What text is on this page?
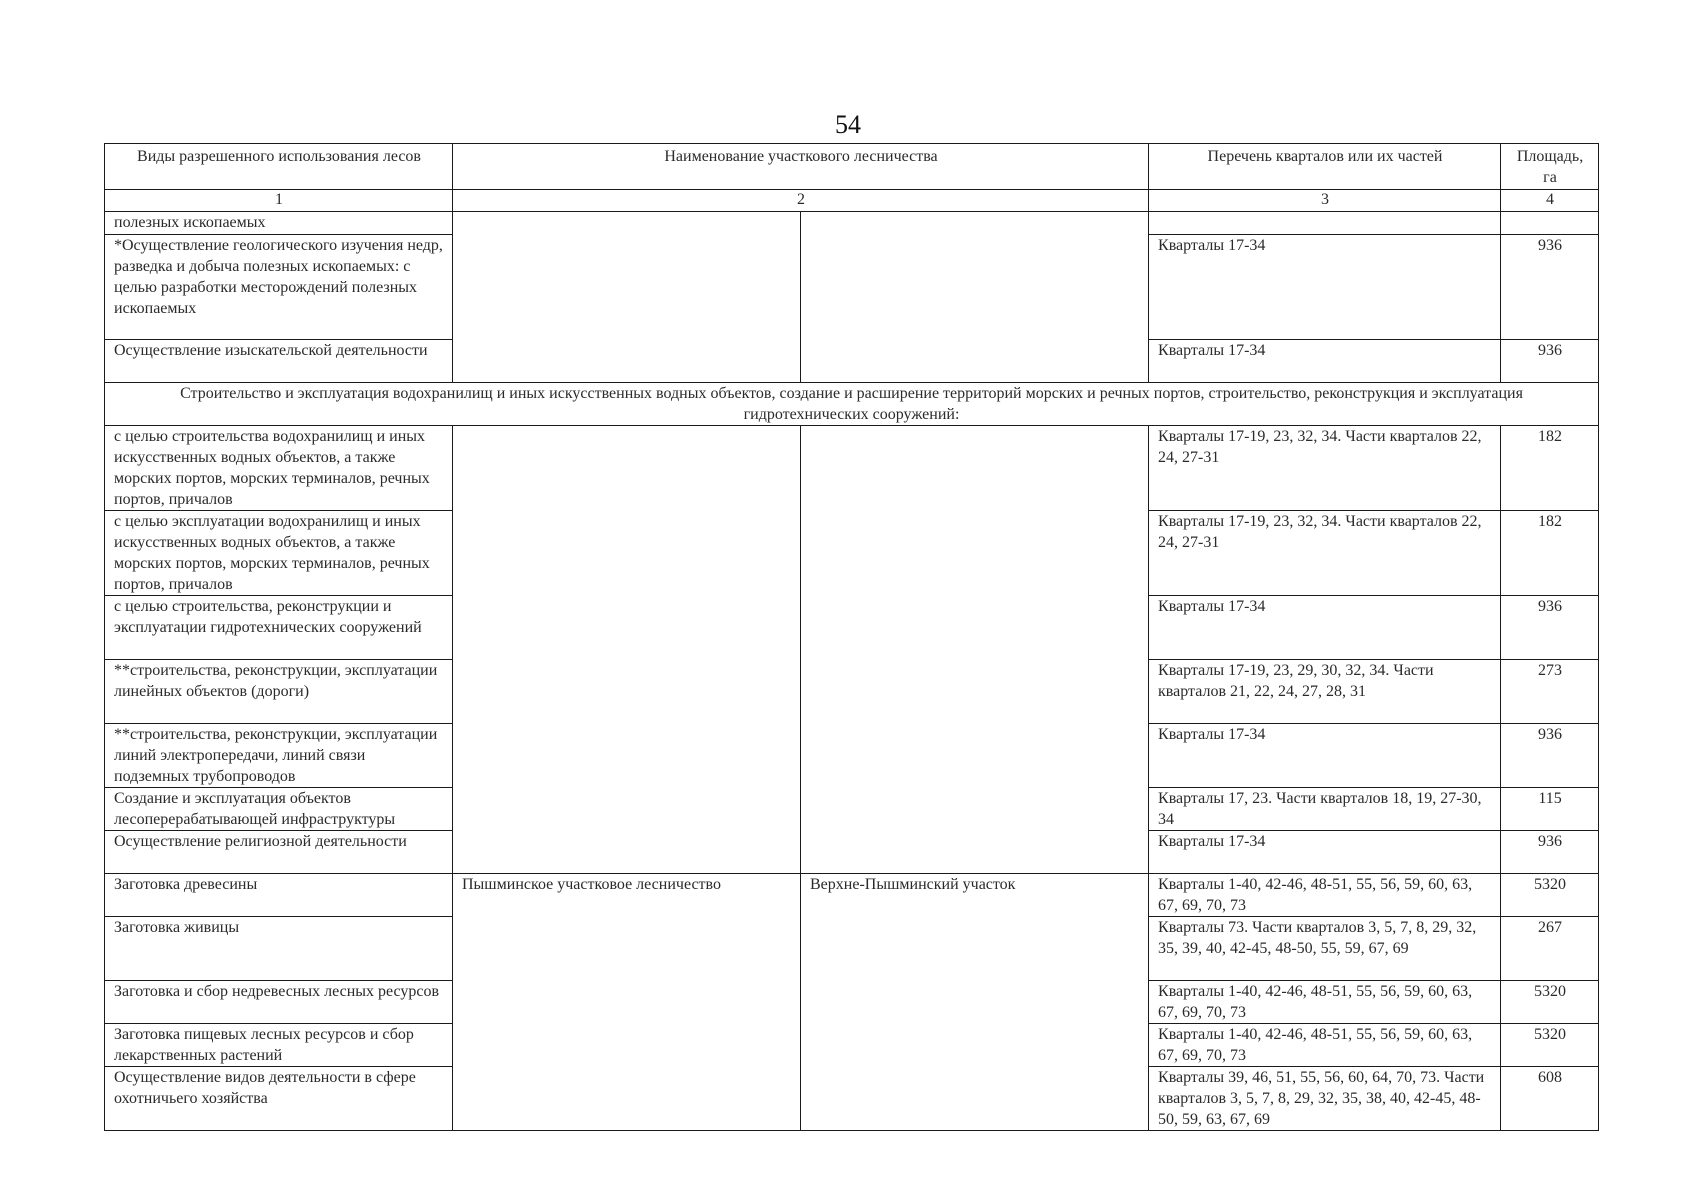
54
Виды разрешенного использования лесов	Наименование участкового лесничества		Перечень кварталов или их частей	Площадь, га
1	2		3	4
полезных ископаемых				
*Осуществление геологического изучения недр, разведка и добыча полезных ископаемых: с целью разработки месторождений полезных ископаемых			Кварталы 17-34	936
Осуществление изыскательской деятельности			Кварталы 17-34	936
Строительство и эксплуатация водохранилищ и иных искусственных водных объектов, создание и расширение территорий морских и речных портов, строительство, реконструкция и эксплуатация гидротехнических сооружений:				
с целью строительства водохранилищ и иных искусственных водных объектов, а также морских портов, морских терминалов, речных портов, причалов			Кварталы 17-19, 23, 32, 34. Части кварталов 22, 24, 27-31	182
с целью эксплуатации водохранилищ и иных искусственных водных объектов, а также морских портов, морских терминалов, речных портов, причалов			Кварталы 17-19, 23, 32, 34. Части кварталов 22, 24, 27-31	182
с целью строительства, реконструкции и эксплуатации гидротехнических сооружений			Кварталы 17-34	936
**строительства, реконструкции, эксплуатации линейных объектов (дороги)			Кварталы 17-19, 23, 29, 30, 32, 34. Части кварталов 21, 22, 24, 27, 28, 31	273
**строительства, реконструкции, эксплуатации линий электропередачи, линий связи подземных трубопроводов			Кварталы 17-34	936
Создание и эксплуатация объектов лесоперерабатывающей инфраструктуры			Кварталы 17, 23. Части кварталов 18, 19, 27-30, 34	115
Осуществление религиозной деятельности			Кварталы 17-34	936
Заготовка древесины	Пышминское участковое лесничество	Верхне-Пышминский участок	Кварталы 1-40, 42-46, 48-51, 55, 56, 59, 60, 63, 67, 69, 70, 73	5320
Заготовка живицы			Кварталы 73. Части кварталов 3, 5, 7, 8, 29, 32, 35, 39, 40, 42-45, 48-50, 55, 59, 67, 69	267
Заготовка и сбор недревесных лесных ресурсов			Кварталы 1-40, 42-46, 48-51, 55, 56, 59, 60, 63, 67, 69, 70, 73	5320
Заготовка пищевых лесных ресурсов и сбор лекарственных растений			Кварталы 1-40, 42-46, 48-51, 55, 56, 59, 60, 63, 67, 69, 70, 73	5320
Осуществление видов деятельности в сфере охотничьего хозяйства			Кварталы 39, 46, 51, 55, 56, 60, 64, 70, 73. Части кварталов 3, 5, 7, 8, 29, 32, 35, 38, 40, 42-45, 48-50, 59, 63, 67, 69	608
